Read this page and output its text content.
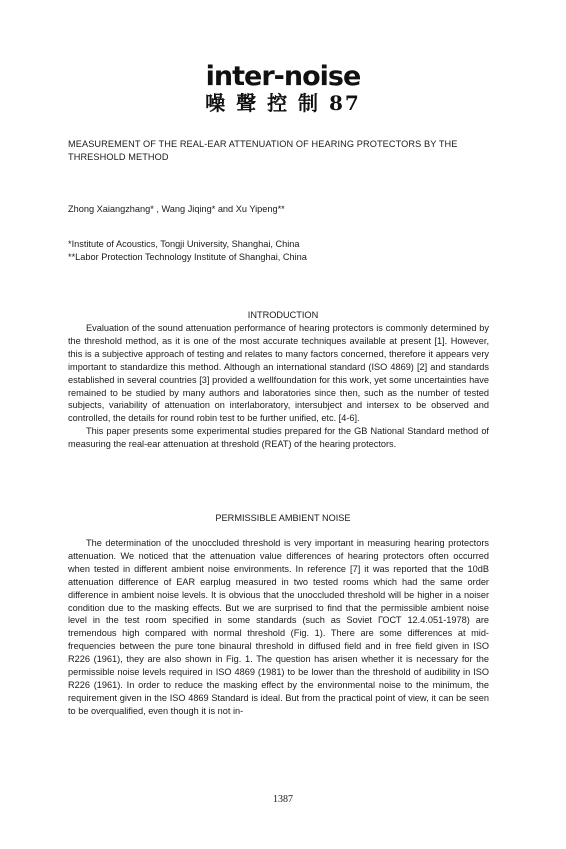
inter-noise
噪 聲 控 制 87
MEASUREMENT OF THE REAL-EAR ATTENUATION OF HEARING PROTECTORS BY THE THRESHOLD METHOD
Zhong Xaiangzhang* , Wang Jiqing* and Xu Yipeng**
*Institute of Acoustics, Tongji University, Shanghai, China
**Labor Protection Technology Institute of Shanghai, China
INTRODUCTION

Evaluation of the sound attenuation performance of hearing protectors is commonly determined by the threshold method, as it is one of the most accurate techniques available at present [1]. However, this is a subjective approach of testing and relates to many factors concerned, therefore it appears very important to standardize this method. Although an international standard (ISO 4869) [2] and standards established in several countries [3] provided a wellfoundation for this work, yet some uncertainties have remained to be studied by many authors and laboratories since then, such as the number of tested subjects, variability of attenuation on interlaboratory, intersubject and intersex to be observed and controlled, the details for round robin test to be further unified, etc. [4-6].

This paper presents some experimental studies prepared for the GB National Standard method of measuring the real-ear attenuation at threshold (REAT) of the hearing protectors.

PERMISSIBLE AMBIENT NOISE

The determination of the unoccluded threshold is very important in measuring hearing protectors attenuation. We noticed that the attenuation value differences of hearing protectors often occurred when tested in different ambient noise environments. In reference [7] it was reported that the 10dB attenuation difference of EAR earplug measured in two tested rooms which had the same order difference in ambient noise levels. It is obvious that the unoccluded threshold will be higher in a noiser condition due to the masking effects. But we are surprised to find that the permissible ambient noise level in the test room specified in some standards (such as Soviet ГОСТ 12.4.051-1978) are tremendous high compared with normal threshold (Fig. 1). There are some differences at mid-frequencies between the pure tone binaural threshold in diffused field and in free field given in ISO R226 (1961), they are also shown in Fig. 1. The question has arisen whether it is necessary for the permissible noise levels required in ISO 4869 (1981) to be lower than the threshold of audibility in ISO R226 (1961). In order to reduce the masking effect by the environmental noise to the minimum, the requirement given in the ISO 4869 Standard is ideal. But from the practical point of view, it can be seen to be overqualified, even though it is not in-

1387
